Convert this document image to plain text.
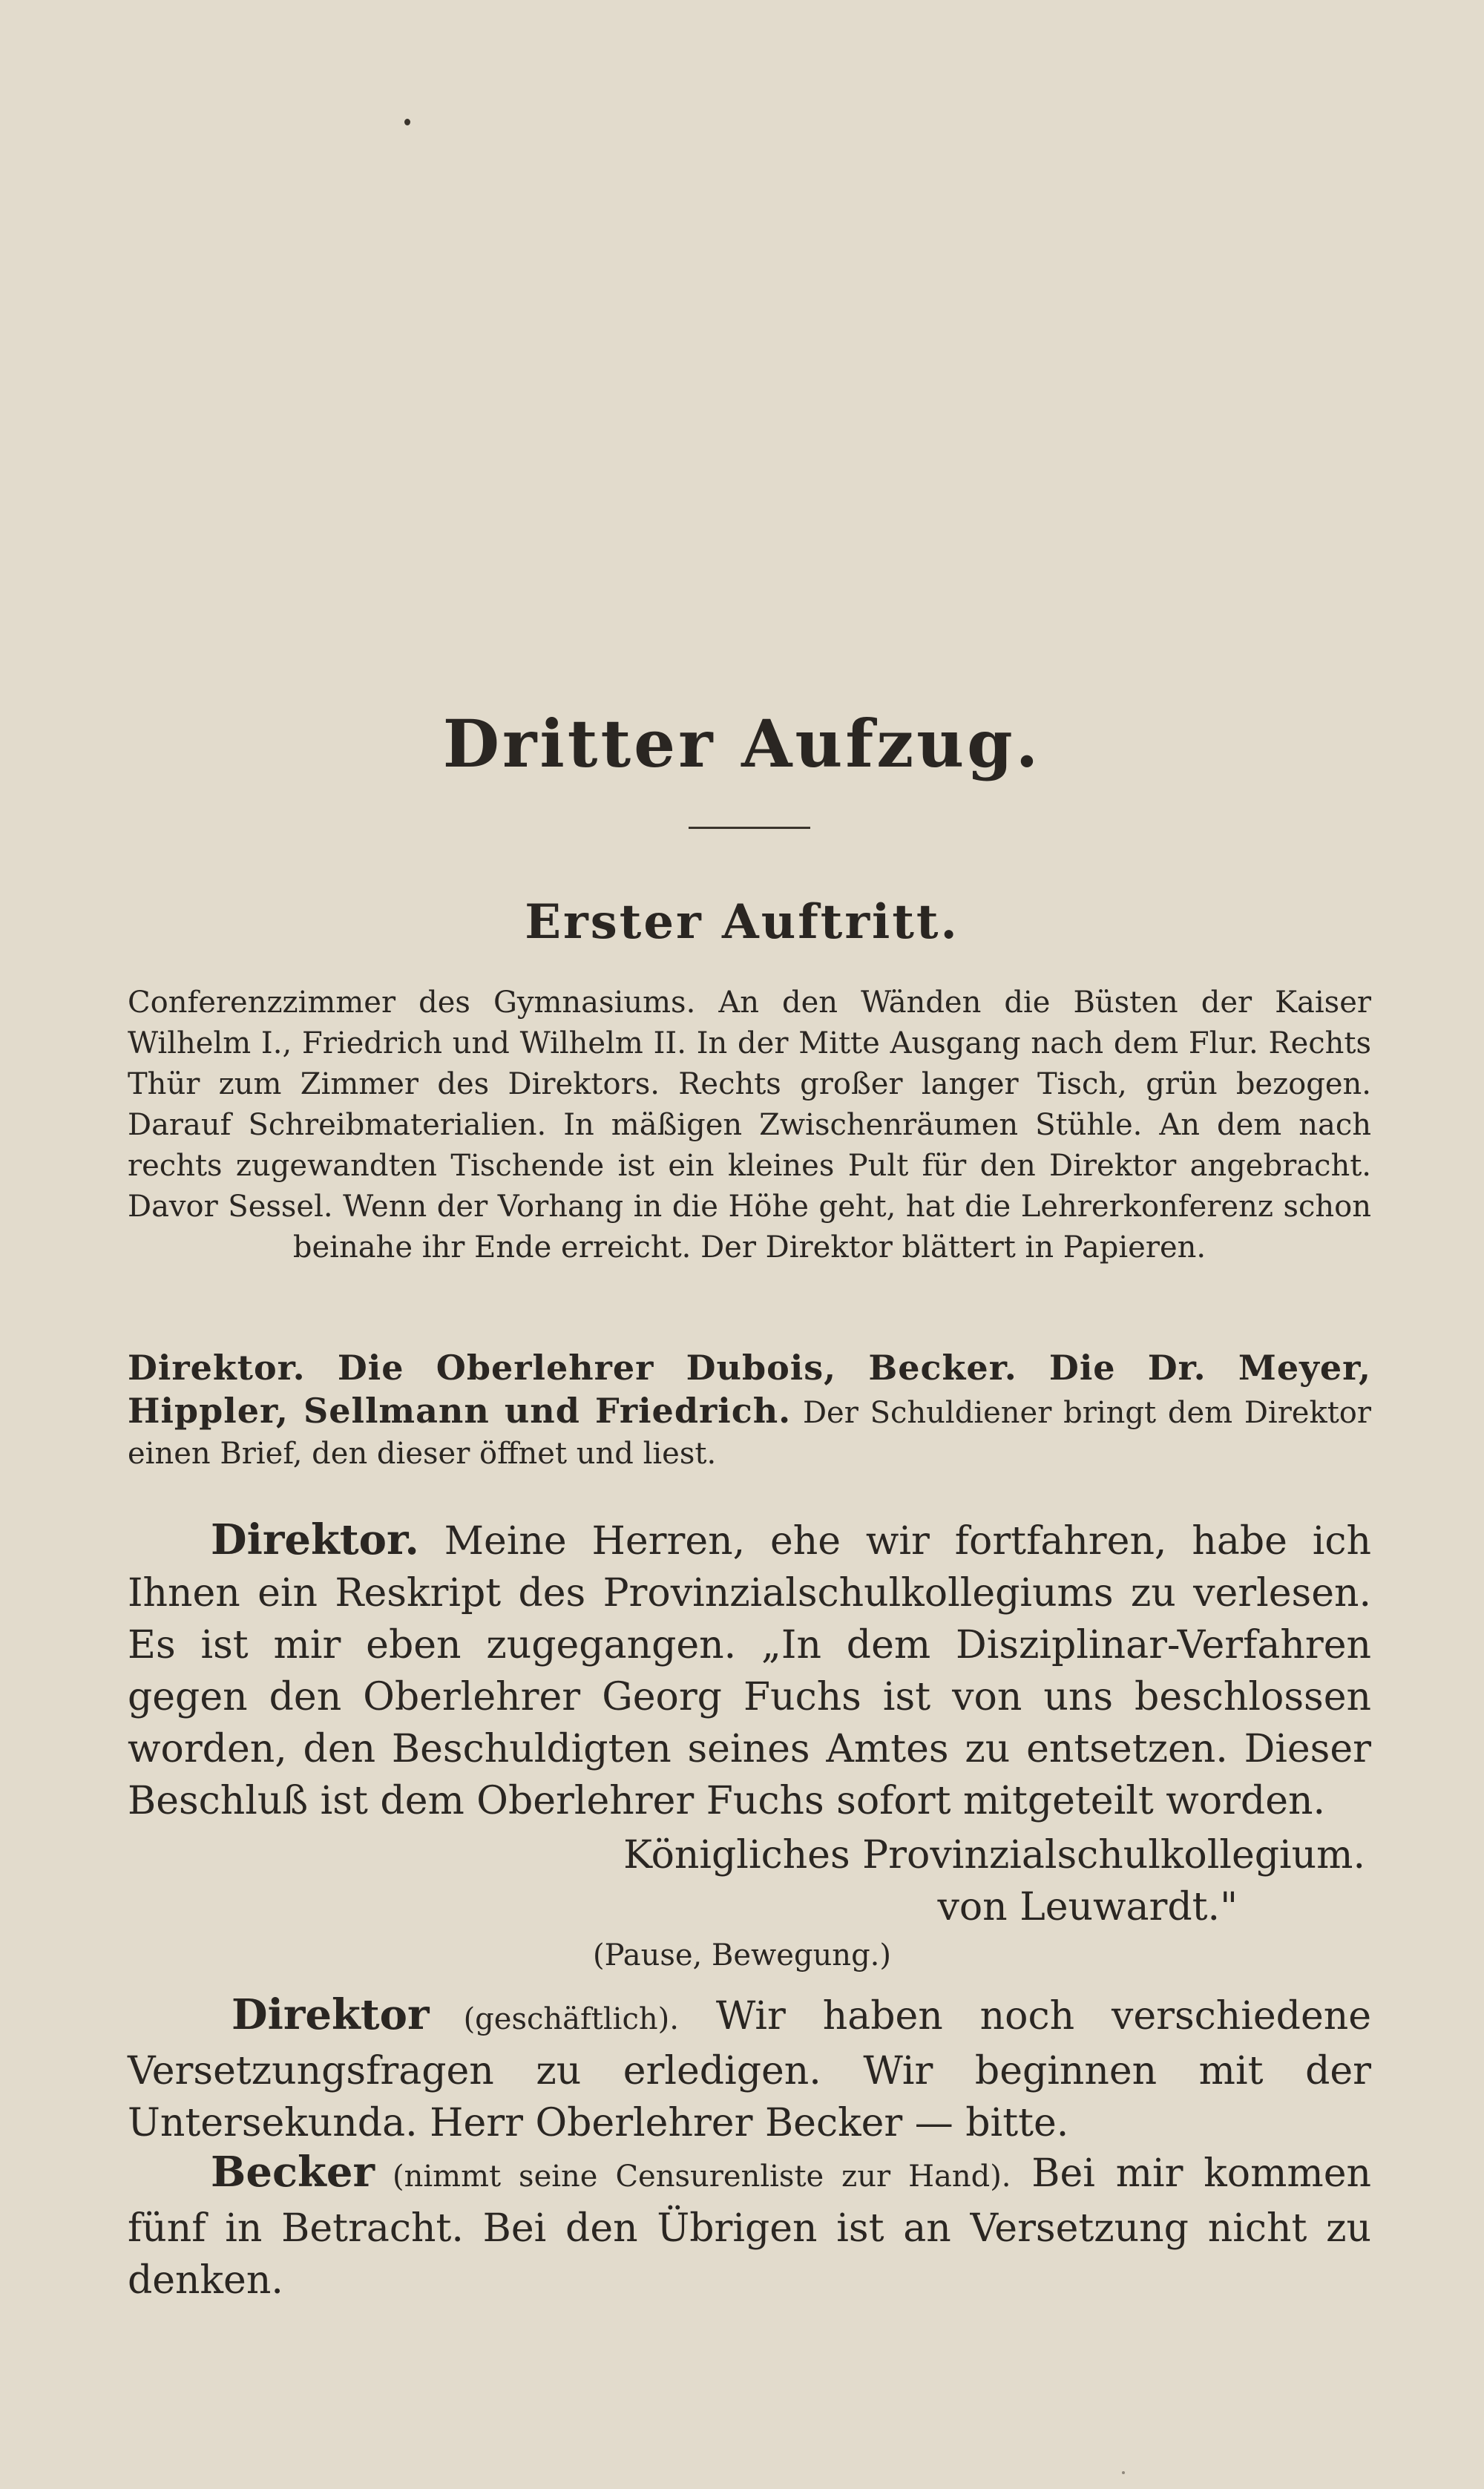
Dritter Aufzug.
Erster Auftritt.
Conferenzzimmer des Gymnasiums. An den Wänden die Büsten der Kaiser Wilhelm I., Friedrich und Wilhelm II. In der Mitte Ausgang nach dem Flur. Rechts Thür zum Zimmer des Direktors. Rechts großer langer Tisch, grün bezogen. Darauf Schreibmaterialien. In mäßigen Zwischenräumen Stühle. An dem nach rechts zugewandten Tischende ist ein kleines Pult für den Direktor angebracht. Davor Sessel. Wenn der Vorhang in die Höhe geht, hat die Lehrerkonferenz schon beinahe ihr Ende erreicht. Der Direktor blättert in Papieren.
Direktor. Die Oberlehrer Dubois, Becker. Die Dr. Meyer, Hippler, Sellmann und Friedrich. Der Schuldiener bringt dem Direktor einen Brief, den dieser öffnet und liest.
Direktor. Meine Herren, ehe wir fortfahren, habe ich Ihnen ein Reskript des Provinzialschulkollegiums zu verlesen. Es ist mir eben zugegangen. „In dem Disziplinar-Verfahren gegen den Oberlehrer Georg Fuchs ist von uns beschlossen worden, den Beschuldigten seines Amtes zu entsetzen. Dieser Beschluß ist dem Oberlehrer Fuchs sofort mitgeteilt worden.
Königliches Provinzialschulkollegium.
von Leuwardt."
(Pause, Bewegung.)
Direktor (geschäftlich). Wir haben noch verschiedene Versetzungsfragen zu erledigen. Wir beginnen mit der Untersekunda. Herr Oberlehrer Becker — bitte.
Becker (nimmt seine Censurenliste zur Hand). Bei mir kommen fünf in Betracht. Bei den Übrigen ist an Versetzung nicht zu denken.
